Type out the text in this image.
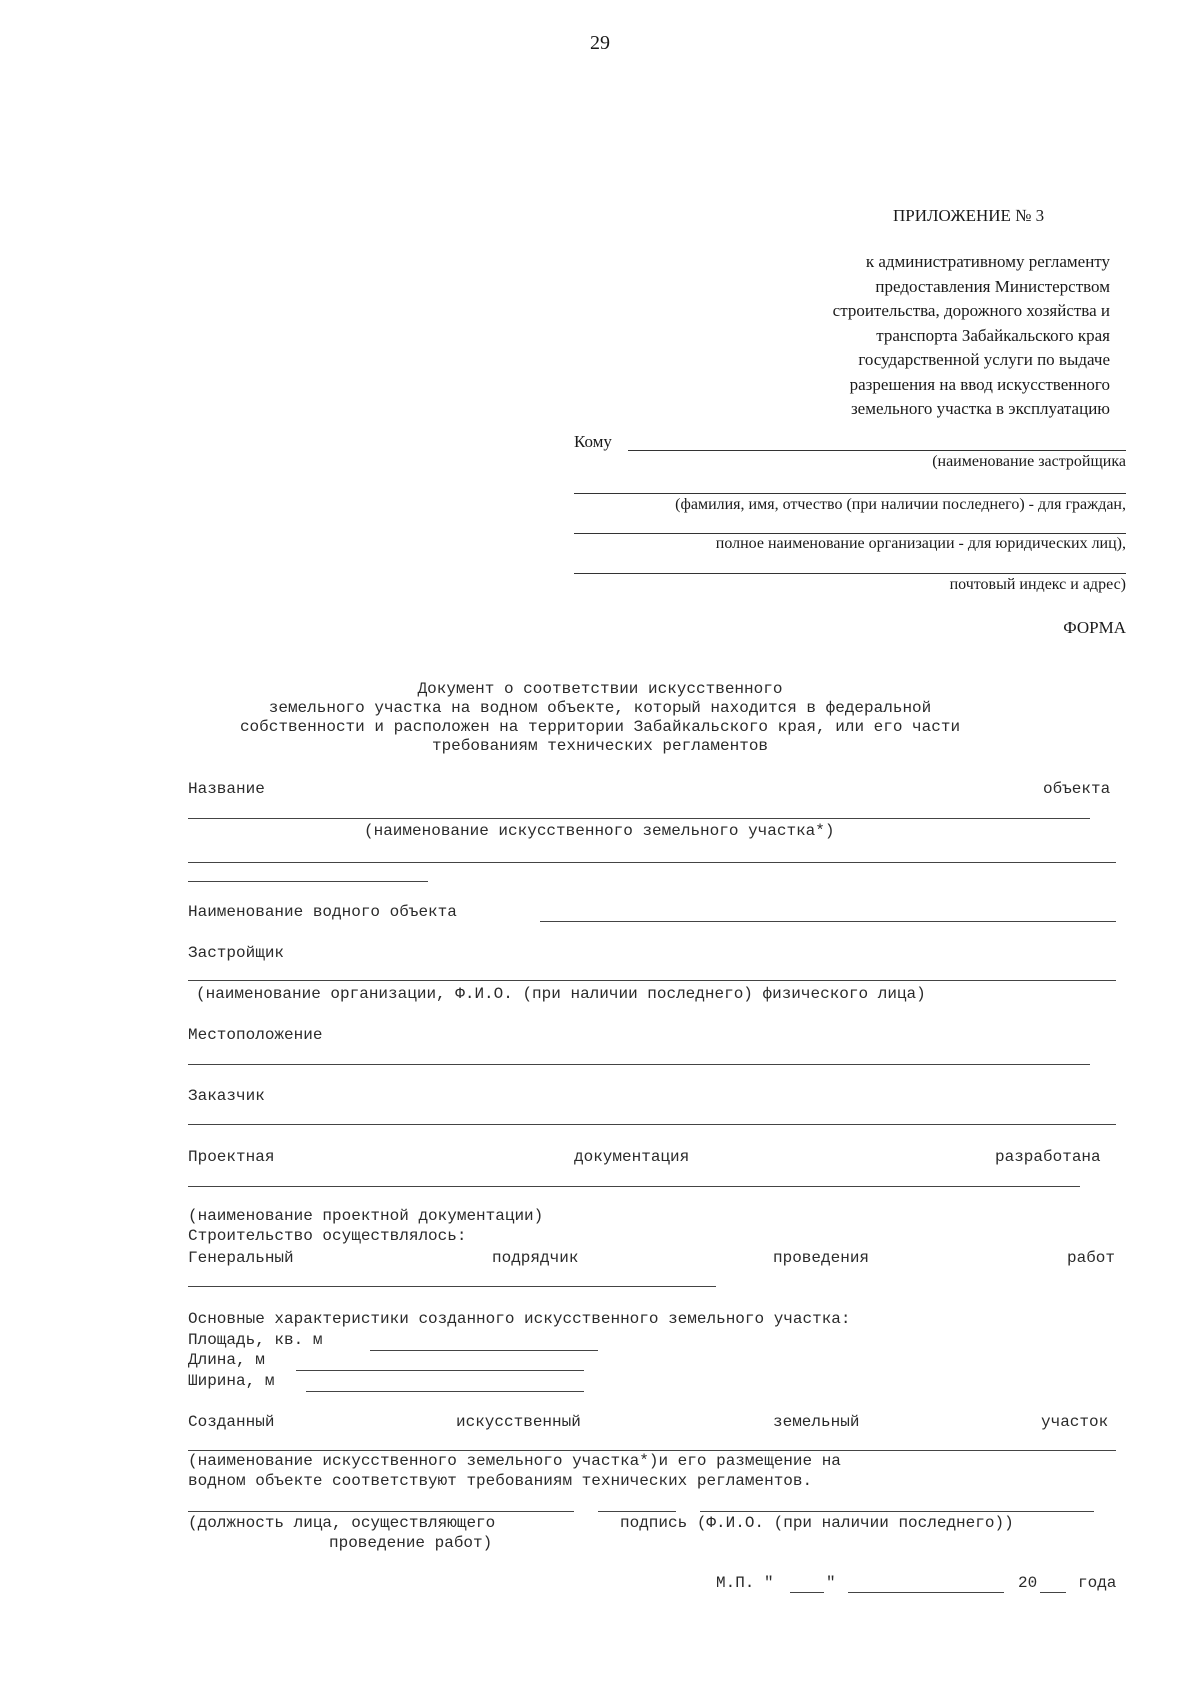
29
ПРИЛОЖЕНИЕ № 3
к административному регламенту
предоставления Министерством
строительства, дорожного хозяйства и
транспорта Забайкальского края
государственной услуги по выдаче
разрешения на ввод искусственного
земельного участка в эксплуатацию
Кому
(наименование застройщика
(фамилия, имя, отчество (при наличии последнего) - для граждан,
полное наименование организации - для юридических лиц),
почтовый индекс и адрес)
ФОРМА
Документ о соответствии искусственного
земельного участка на водном объекте, который находится в федеральной
собственности и расположен на территории Забайкальского края, или его части
требованиям технических регламентов
Название	объекта
(наименование искусственного земельного участка*)
Наименование водного объекта
Застройщик
(наименование организации, Ф.И.О. (при наличии последнего) физического лица)
Местоположение
Заказчик
Проектная	документация	разработана
(наименование проектной документации)
Строительство осуществлялось:
Генеральный	подрядчик	проведения	работ
Основные характеристики созданного искусственного земельного участка:
Площадь, кв. м
Длина, м
Ширина, м
Созданный	искусственный	земельный	участок
(наименование искусственного земельного участка*)и его размещение на
водном объекте соответствуют требованиям технических регламентов.
(должность лица, осуществляющего	подпись (Ф.И.О. (при наличии последнего))
проведение работ)
М.П. "	"	20	года
